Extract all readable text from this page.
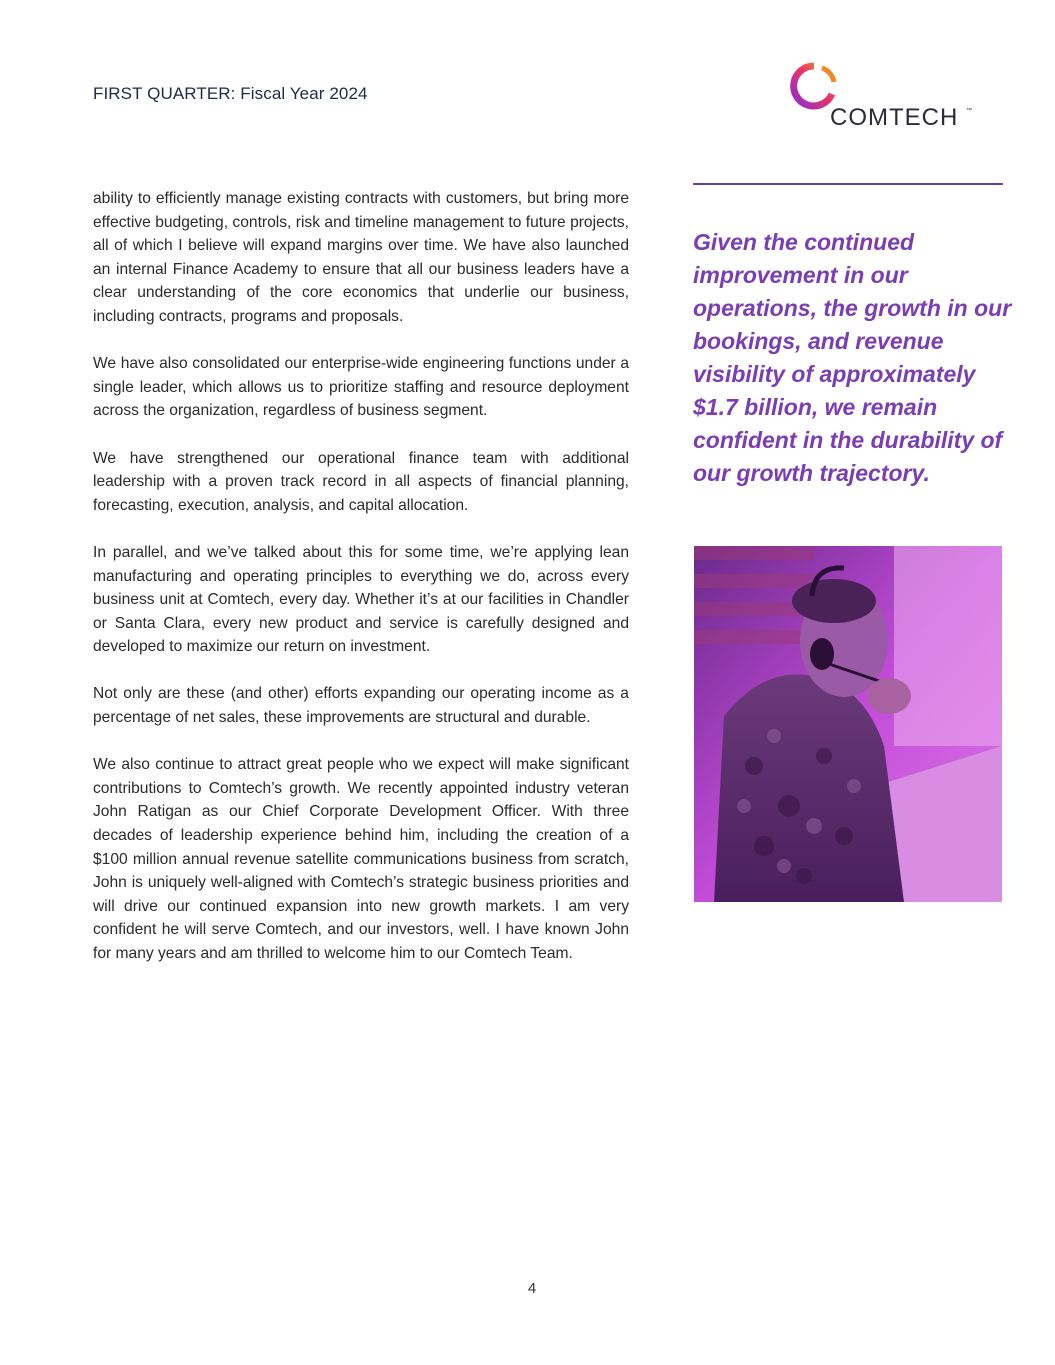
FIRST QUARTER: Fiscal Year 2024
COMTECH ™

ability to efficiently manage existing contracts with customers, but bring more effective budgeting, controls, risk and timeline management to future projects, all of which I believe will expand margins over time. We have also launched an internal Finance Academy to ensure that all our business leaders have a clear understanding of the core economics that underlie our business, including contracts, programs and proposals.

We have also consolidated our enterprise-wide engineering functions under a single leader, which allows us to prioritize staffing and resource deployment across the organization, regardless of business segment.

We have strengthened our operational finance team with additional leadership with a proven track record in all aspects of financial planning, forecasting, execution, analysis, and capital allocation.

In parallel, and we’ve talked about this for some time, we’re applying lean manufacturing and operating principles to everything we do, across every business unit at Comtech, every day. Whether it’s at our facilities in Chandler or Santa Clara, every new product and service is carefully designed and developed to maximize our return on investment.

Not only are these (and other) efforts expanding our operating income as a percentage of net sales, these improvements are structural and durable.

We also continue to attract great people who we expect will make significant contributions to Comtech’s growth. We recently appointed industry veteran John Ratigan as our Chief Corporate Development Officer. With three decades of leadership experience behind him, including the creation of a $100 million annual revenue satellite communications business from scratch, John is uniquely well-aligned with Comtech’s strategic business priorities and will drive our continued expansion into new growth markets. I am very confident he will serve Comtech, and our investors, well. I have known John for many years and am thrilled to welcome him to our Comtech Team.

Given the continued improvement in our operations, the growth in our bookings, and revenue visibility of approximately $1.7 billion, we remain confident in the durability of our growth trajectory.
4
